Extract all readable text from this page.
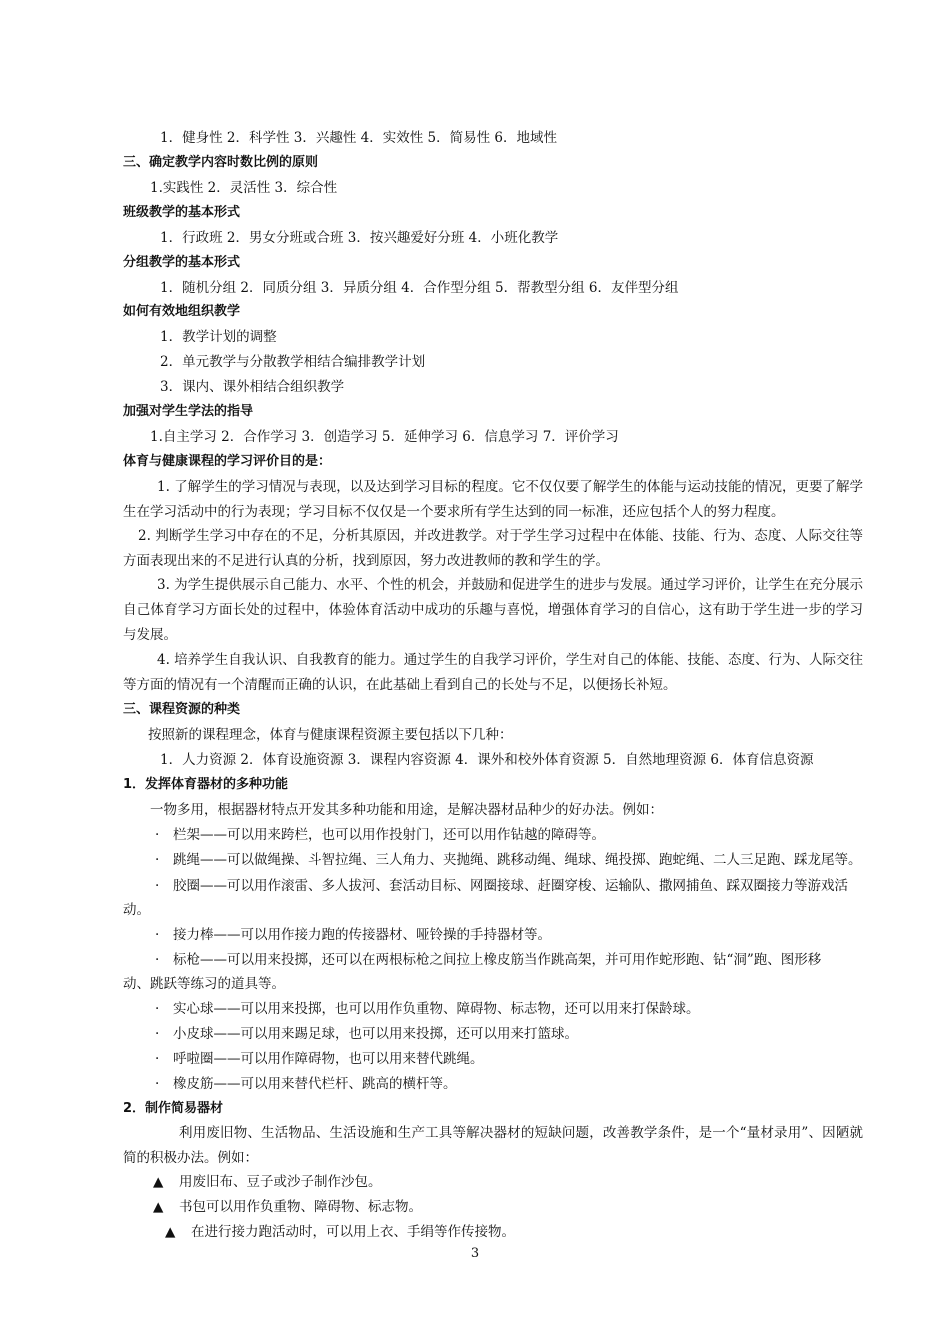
1．健身性 2．科学性 3．兴趣性 4．实效性 5．简易性 6．地域性
三、确定教学内容时数比例的原则
1.实践性 2．灵活性 3．综合性
班级教学的基本形式
1．行政班 2．男女分班或合班 3．按兴趣爱好分班 4．小班化教学
分组教学的基本形式
1．随机分组 2．同质分组 3．异质分组 4．合作型分组 5．帮教型分组 6．友伴型分组
如何有效地组织教学
1．教学计划的调整
2．单元教学与分散教学相结合编排教学计划
3．课内、课外相结合组织教学
加强对学生学法的指导
1.自主学习 2．合作学习 3．创造学习 5．延伸学习 6．信息学习 7．评价学习
体育与健康课程的学习评价目的是：
1. 了解学生的学习情况与表现，以及达到学习目标的程度。它不仅仅要了解学生的体能与运动技能的情况，更要了解学生在学习活动中的行为表现；学习目标不仅仅是一个要求所有学生达到的同一标准，还应包括个人的努力程度。
2. 判断学生学习中存在的不足，分析其原因，并改进教学。对于学生学习过程中在体能、技能、行为、态度、人际交往等方面表现出来的不足进行认真的分析，找到原因，努力改进教师的教和学生的学。
3. 为学生提供展示自己能力、水平、个性的机会，并鼓励和促进学生的进步与发展。通过学习评价，让学生在充分展示自己体育学习方面长处的过程中，体验体育活动中成功的乐趣与喜悦，增强体育学习的自信心，这有助于学生进一步的学习与发展。
4. 培养学生自我认识、自我教育的能力。通过学生的自我学习评价，学生对自己的体能、技能、态度、行为、人际交往等方面的情况有一个清醒而正确的认识，在此基础上看到自己的长处与不足，以便扬长补短。
三、课程资源的种类
按照新的课程理念，体育与健康课程资源主要包括以下几种：
1．人力资源 2．体育设施资源 3．课程内容资源 4．课外和校外体育资源 5．自然地理资源 6．体育信息资源
1．发挥体育器材的多种功能
一物多用，根据器材特点开发其多种功能和用途，是解决器材品种少的好办法。例如：
· 栏架——可以用来跨栏，也可以用作投射门，还可以用作钻越的障碍等。
· 跳绳——可以做绳操、斗智拉绳、三人角力、夹抛绳、跳移动绳、绳球、绳投掷、跑蛇绳、二人三足跑、踩龙尾等。
· 胶圈——可以用作滚雷、多人拔河、套活动目标、网圈接球、赶圈穿梭、运输队、撒网捕鱼、踩双圈接力等游戏活
动。
· 接力棒——可以用作接力跑的传接器材、哑铃操的手持器材等。
· 标枪——可以用来投掷，还可以在两根标枪之间拉上橡皮筋当作跳高架，并可用作蛇形跑、钻“洞”跑、图形移
动、跳跃等练习的道具等。
· 实心球——可以用来投掷，也可以用作负重物、障碍物、标志物，还可以用来打保龄球。
· 小皮球——可以用来踢足球，也可以用来投掷，还可以用来打篮球。
· 呼啦圈——可以用作障碍物，也可以用来替代跳绳。
· 橡皮筋——可以用来替代栏杆、跳高的横杆等。
2．制作简易器材
利用废旧物、生活物品、生活设施和生产工具等解决器材的短缺问题，改善教学条件，是一个“量材录用”、因陋就简的积极办法。例如：
▲ 用废旧布、豆子或沙子制作沙包。
▲ 书包可以用作负重物、障碍物、标志物。
▲ 在进行接力跑活动时，可以用上衣、手绢等作传接物。
3
